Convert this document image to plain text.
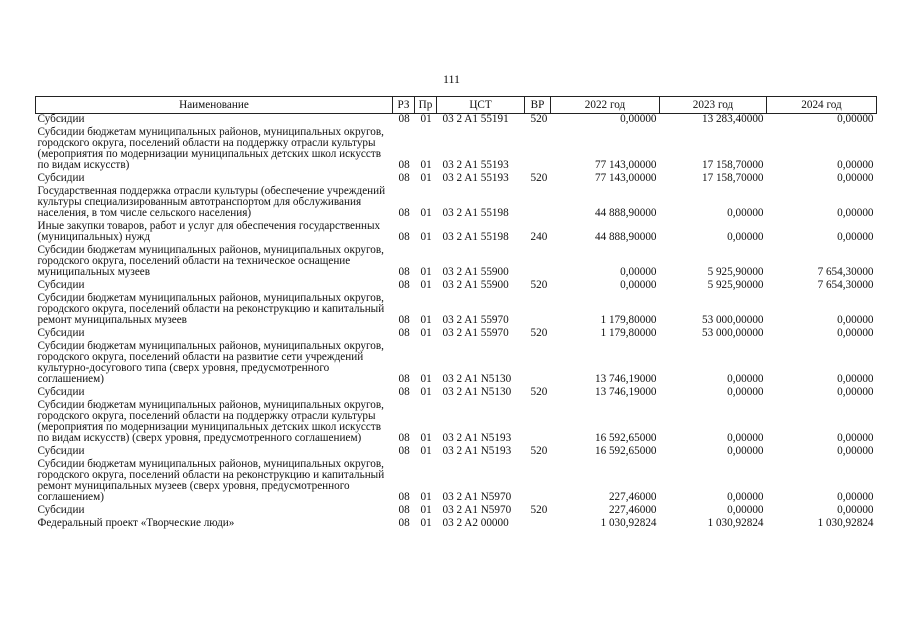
111
Наименование	РЗ	Пр	ЦСТ	ВР	2022 год	2023 год	2024 год
Субсидии	08	01	03 2 A1 55191	520	0,00000	13 283,40000	0,00000
Субсидии бюджетам муниципальных районов, муниципальных округов, городского округа, поселений области на поддержку отрасли культуры (мероприятия по модернизации муниципальных детских школ искусств по видам искусств)	08	01	03 2 A1 55193		77 143,00000	17 158,70000	0,00000
Субсидии	08	01	03 2 A1 55193	520	77 143,00000	17 158,70000	0,00000
Государственная поддержка отрасли культуры (обеспечение учреждений культуры специализированным автотранспортом для обслуживания населения, в том числе сельского населения)	08	01	03 2 A1 55198		44 888,90000	0,00000	0,00000
Иные закупки товаров, работ и услуг для обеспечения государственных (муниципальных) нужд	08	01	03 2 A1 55198	240	44 888,90000	0,00000	0,00000
Субсидии бюджетам муниципальных районов, муниципальных округов, городского округа, поселений области на техническое оснащение муниципальных музеев	08	01	03 2 A1 55900		0,00000	5 925,90000	7 654,30000
Субсидии	08	01	03 2 A1 55900	520	0,00000	5 925,90000	7 654,30000
Субсидии бюджетам муниципальных районов, муниципальных округов, городского округа, поселений области на реконструкцию и капитальный ремонт муниципальных музеев	08	01	03 2 A1 55970		1 179,80000	53 000,00000	0,00000
Субсидии	08	01	03 2 A1 55970	520	1 179,80000	53 000,00000	0,00000
Субсидии бюджетам муниципальных районов, муниципальных округов, городского округа, поселений области на развитие сети учреждений культурно-досугового типа (сверх уровня, предусмотренного соглашением)	08	01	03 2 A1 N5130		13 746,19000	0,00000	0,00000
Субсидии	08	01	03 2 A1 N5130	520	13 746,19000	0,00000	0,00000
Субсидии бюджетам муниципальных районов, муниципальных округов, городского округа, поселений области на поддержку отрасли культуры (мероприятия по модернизации муниципальных детских школ искусств по видам искусств) (сверх уровня, предусмотренного соглашением)	08	01	03 2 A1 N5193		16 592,65000	0,00000	0,00000
Субсидии	08	01	03 2 A1 N5193	520	16 592,65000	0,00000	0,00000
Субсидии бюджетам муниципальных районов, муниципальных округов, городского округа, поселений области на реконструкцию и капитальный ремонт муниципальных музеев (сверх уровня, предусмотренного соглашением)	08	01	03 2 A1 N5970		227,46000	0,00000	0,00000
Субсидии	08	01	03 2 A1 N5970	520	227,46000	0,00000	0,00000
Федеральный проект «Творческие люди»	08	01	03 2 A2 00000		1 030,92824	1 030,92824	1 030,92824
